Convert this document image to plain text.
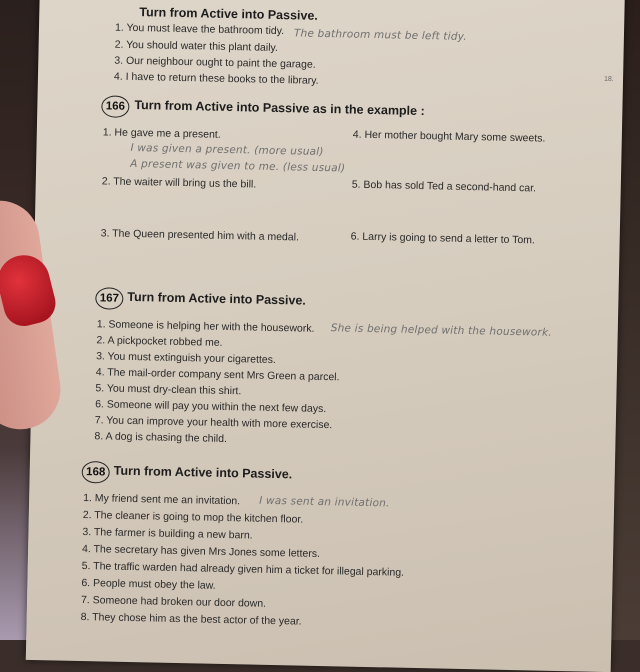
Turn from Active into Passive.
1. You must leave the bathroom tidy. The bathroom must be left tidy.
2. You should water this plant daily.
3. Our neighbour ought to paint the garage.
4. I have to return these books to the library.
166 Turn from Active into Passive as in the example :
1. He gave me a present.
I was given a present. (more usual)
A present was given to me. (less usual)
2. The waiter will bring us the bill.
3. The Queen presented him with a medal.
4. Her mother bought Mary some sweets.
5. Bob has sold Ted a second-hand car.
6. Larry is going to send a letter to Tom.
167 Turn from Active into Passive.
1. Someone is helping her with the housework. She is being helped with the housework.
2. A pickpocket robbed me.
3. You must extinguish your cigarettes.
4. The mail-order company sent Mrs Green a parcel.
5. You must dry-clean this shirt.
6. Someone will pay you within the next few days.
7. You can improve your health with more exercise.
8. A dog is chasing the child.
168 Turn from Active into Passive.
1. My friend sent me an invitation. I was sent an invitation.
2. The cleaner is going to mop the kitchen floor.
3. The farmer is building a new barn.
4. The secretary has given Mrs Jones some letters.
5. The traffic warden had already given him a ticket for illegal parking.
6. People must obey the law.
7. Someone had broken our door down.
8. They chose him as the best actor of the year.
18.
